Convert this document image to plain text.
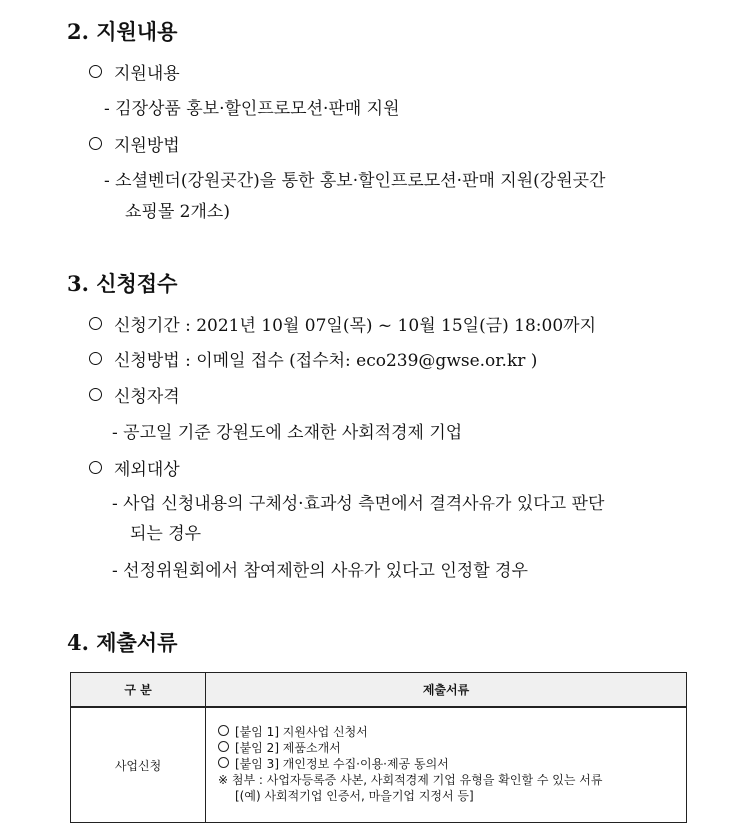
2. 지원내용
지원내용
- 김장상품 홍보·할인프로모션·판매 지원
지원방법
- 소셜벤더(강원곳간)을 통한 홍보·할인프로모션·판매 지원(강원곳간
쇼핑몰 2개소)
3. 신청접수
신청기간 : 2021년 10월 07일(목) ~ 10월 15일(금) 18:00까지
신청방법 : 이메일 접수 (접수처: eco239@gwse.or.kr )
신청자격
- 공고일 기준 강원도에 소재한 사회적경제 기업
제외대상
- 사업 신청내용의 구체성·효과성 측면에서 결격사유가 있다고 판단
되는 경우
- 선정위원회에서 참여제한의 사유가 있다고 인정할 경우
4. 제출서류
구 분	제출서류
사업신청	[붙임 1] 지원사업 신청서
[붙임 2] 제품소개서
[붙임 3] 개인정보 수집·이용·제공 동의서
※ 첨부 : 사업자등록증 사본, 사회적경제 기업 유형을 확인할 수 있는 서류
[(예) 사회적기업 인증서, 마을기업 지정서 등]
